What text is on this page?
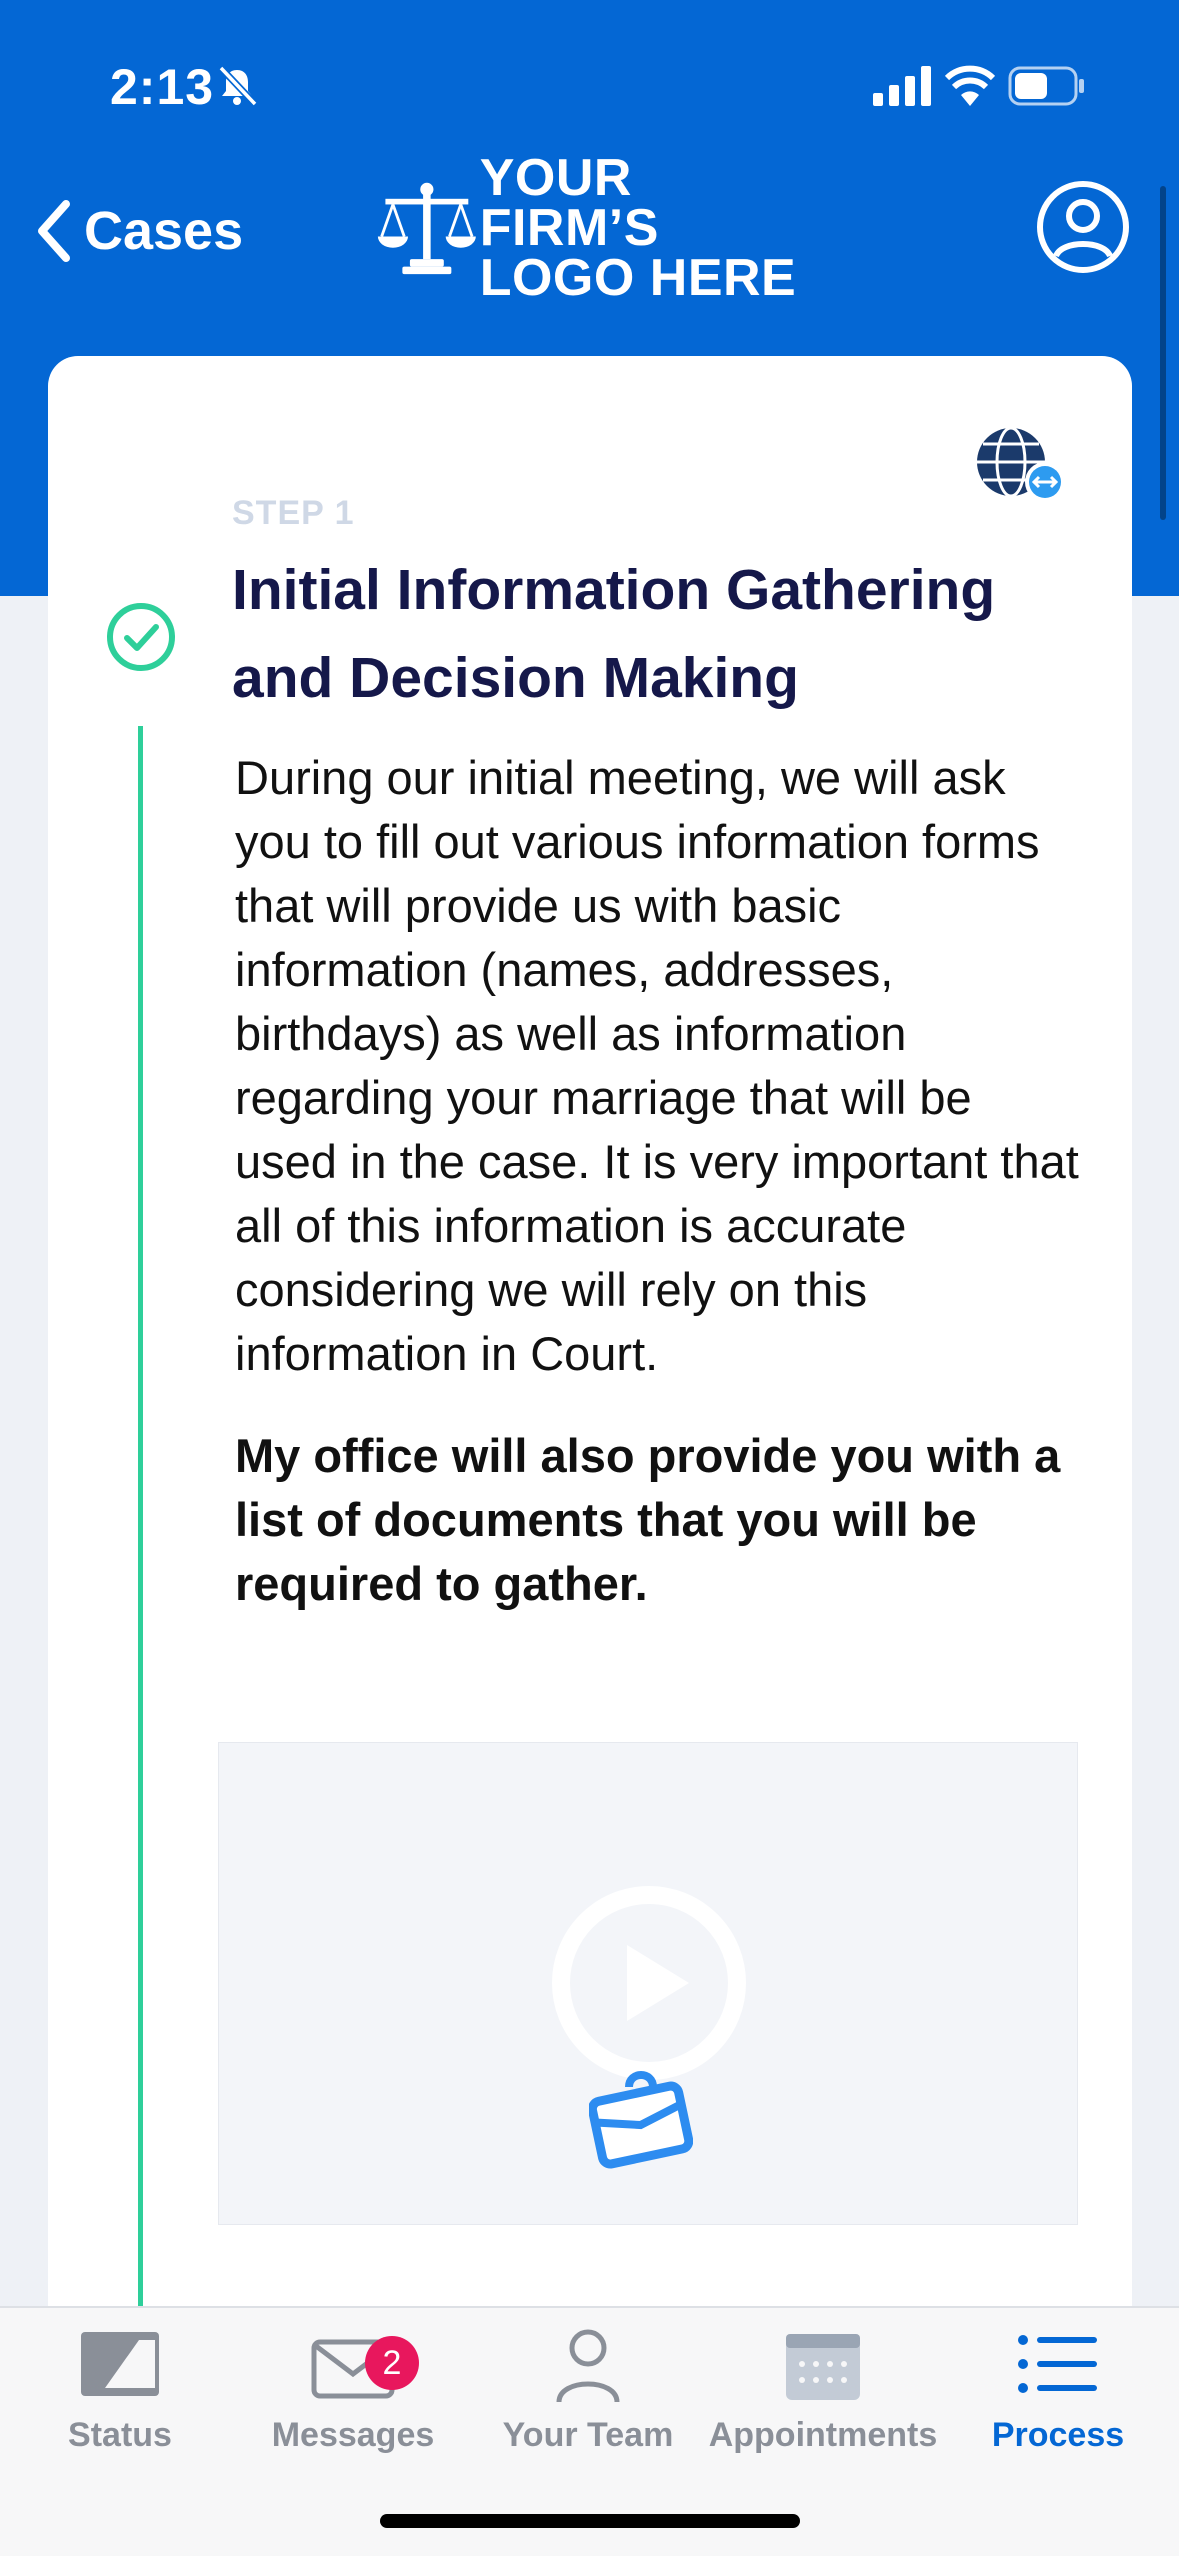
2:13
Cases
YOUR FIRM’S
LOGO HERE
STEP 1
Initial Information Gathering and Decision Making
During our initial meeting, we will ask you to fill out various information forms that will provide us with basic information (names, addresses, birthdays) as well as information regarding your marriage that will be used in the case. It is very important that all of this information is accurate considering we will rely on this information in Court.
My office will also provide you with a list of documents that you will be required to gather.
Status
2
Messages	Your Team	Appointments	Process
